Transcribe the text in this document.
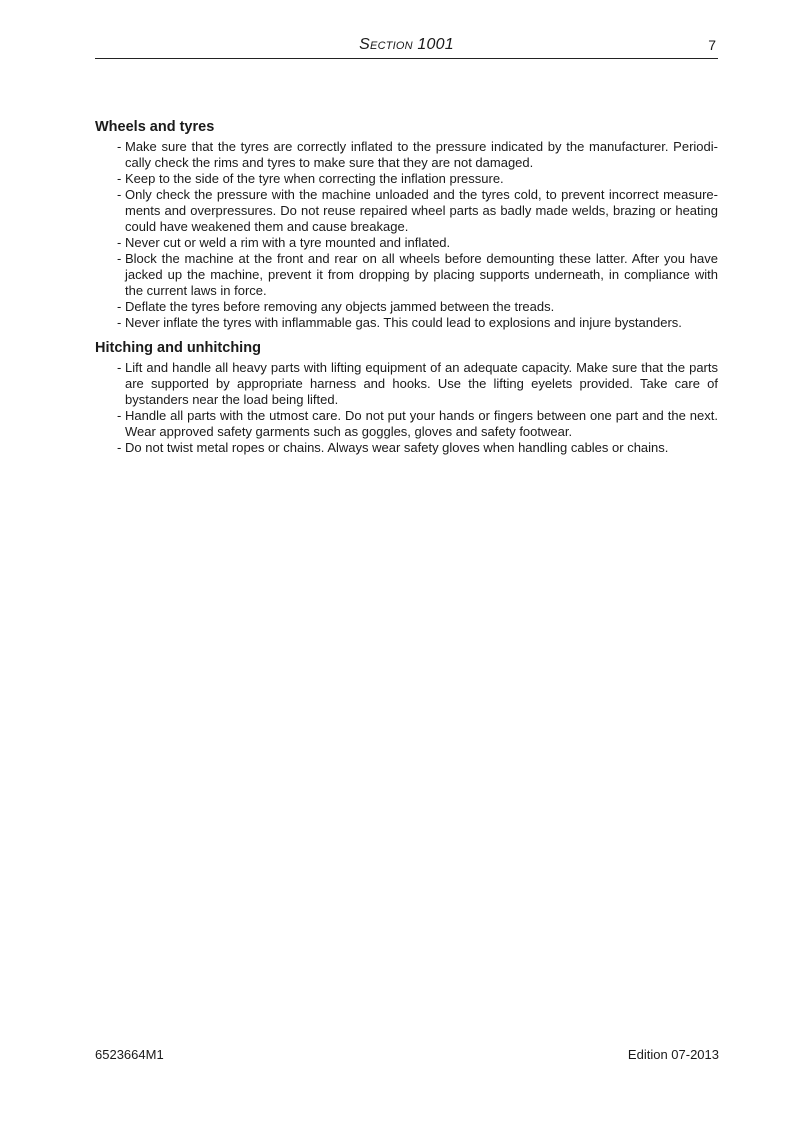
Section 1001	7
Wheels and tyres
- Make sure that the tyres are correctly inflated to the pressure indicated by the manufacturer. Periodically check the rims and tyres to make sure that they are not damaged.
- Keep to the side of the tyre when correcting the inflation pressure.
- Only check the pressure with the machine unloaded and the tyres cold, to prevent incorrect measurements and overpressures. Do not reuse repaired wheel parts as badly made welds, brazing or heating could have weakened them and cause breakage.
- Never cut or weld a rim with a tyre mounted and inflated.
- Block the machine at the front and rear on all wheels before demounting these latter. After you have jacked up the machine, prevent it from dropping by placing supports underneath, in compliance with the current laws in force.
- Deflate the tyres before removing any objects jammed between the treads.
- Never inflate the tyres with inflammable gas. This could lead to explosions and injure bystanders.
Hitching and unhitching
- Lift and handle all heavy parts with lifting equipment of an adequate capacity. Make sure that the parts are supported by appropriate harness and hooks. Use the lifting eyelets provided. Take care of bystanders near the load being lifted.
- Handle all parts with the utmost care. Do not put your hands or fingers between one part and the next. Wear approved safety garments such as goggles, gloves and safety footwear.
- Do not twist metal ropes or chains. Always wear safety gloves when handling cables or chains.
6523664M1	Edition 07-2013
